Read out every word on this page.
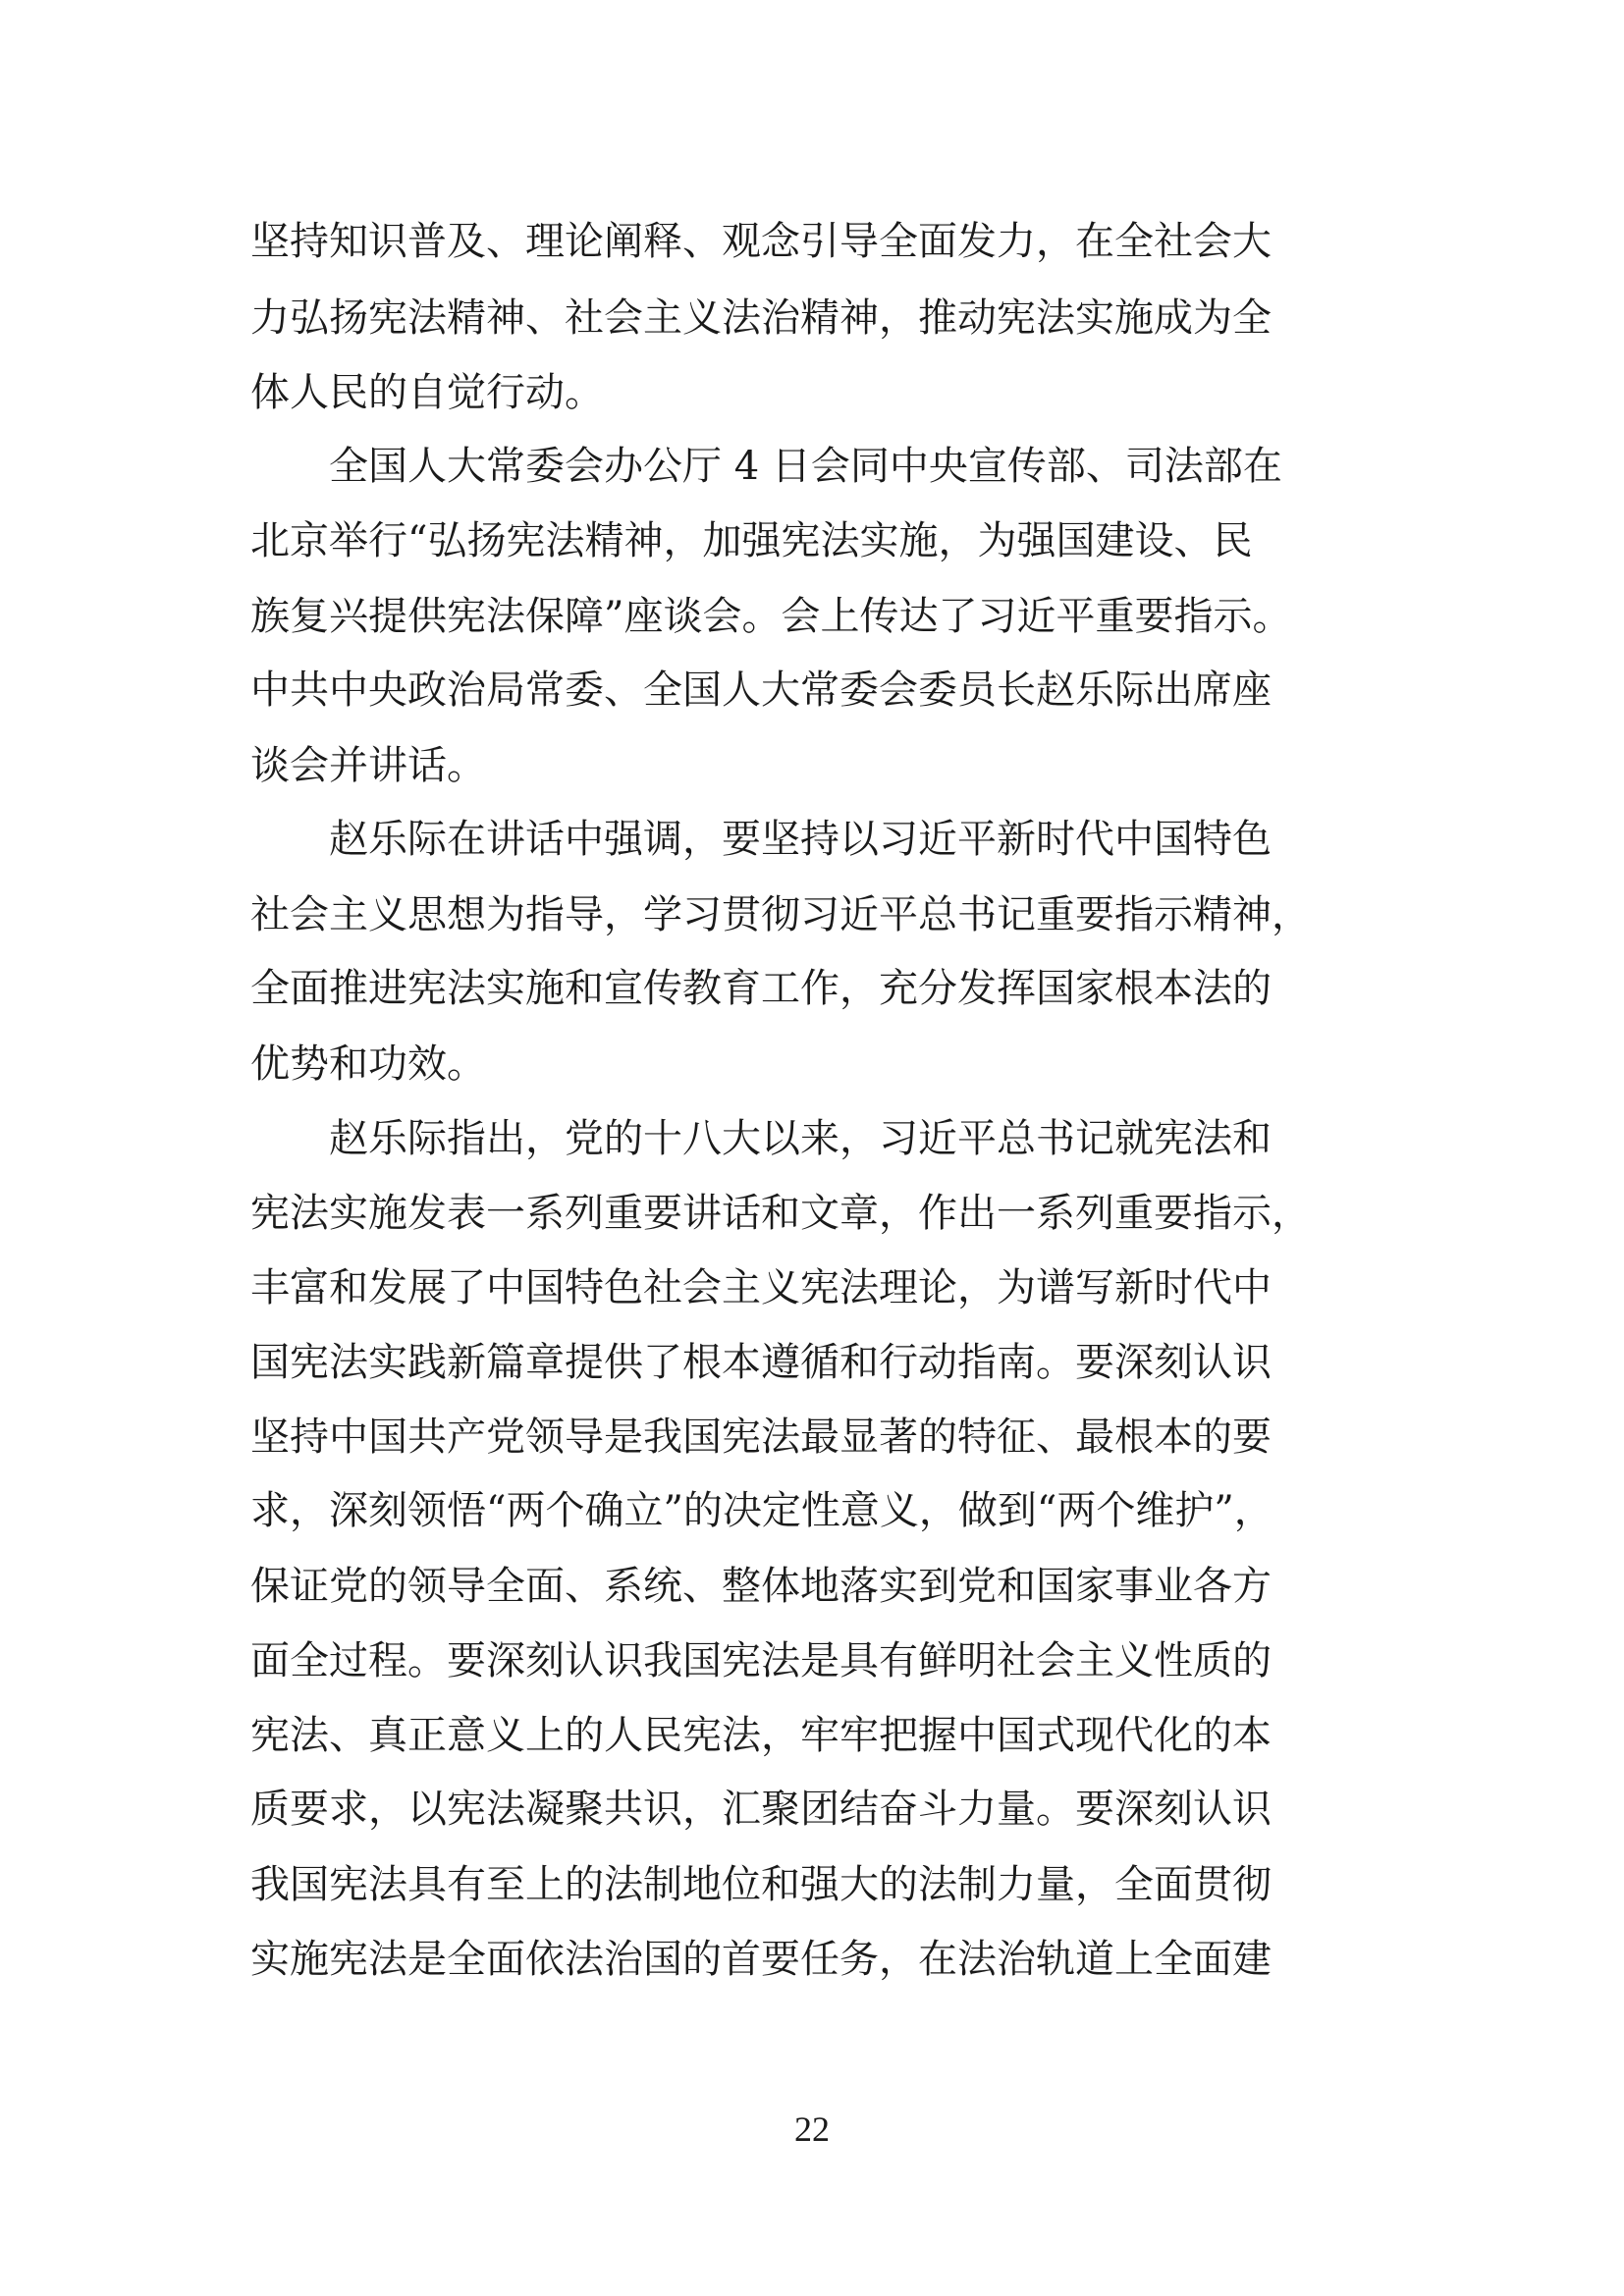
坚持知识普及、理论阐释、观念引导全面发力，在全社会大
力弘扬宪法精神、社会主义法治精神，推动宪法实施成为全
体人民的自觉行动。
　　全国人大常委会办公厅 4 日会同中央宣传部、司法部在
北京举行“弘扬宪法精神，加强宪法实施，为强国建设、民
族复兴提供宪法保障”座谈会。会上传达了习近平重要指示。
中共中央政治局常委、全国人大常委会委员长赵乐际出席座
谈会并讲话。
　　赵乐际在讲话中强调，要坚持以习近平新时代中国特色
社会主义思想为指导，学习贯彻习近平总书记重要指示精神，
全面推进宪法实施和宣传教育工作，充分发挥国家根本法的
优势和功效。
　　赵乐际指出，党的十八大以来，习近平总书记就宪法和
宪法实施发表一系列重要讲话和文章，作出一系列重要指示，
丰富和发展了中国特色社会主义宪法理论，为谱写新时代中
国宪法实践新篇章提供了根本遵循和行动指南。要深刻认识
坚持中国共产党领导是我国宪法最显著的特征、最根本的要
求，深刻领悟“两个确立”的决定性意义，做到“两个维护”，
保证党的领导全面、系统、整体地落实到党和国家事业各方
面全过程。要深刻认识我国宪法是具有鲜明社会主义性质的
宪法、真正意义上的人民宪法，牢牢把握中国式现代化的本
质要求，以宪法凝聚共识，汇聚团结奋斗力量。要深刻认识
我国宪法具有至上的法制地位和强大的法制力量，全面贯彻
实施宪法是全面依法治国的首要任务，在法治轨道上全面建
22
